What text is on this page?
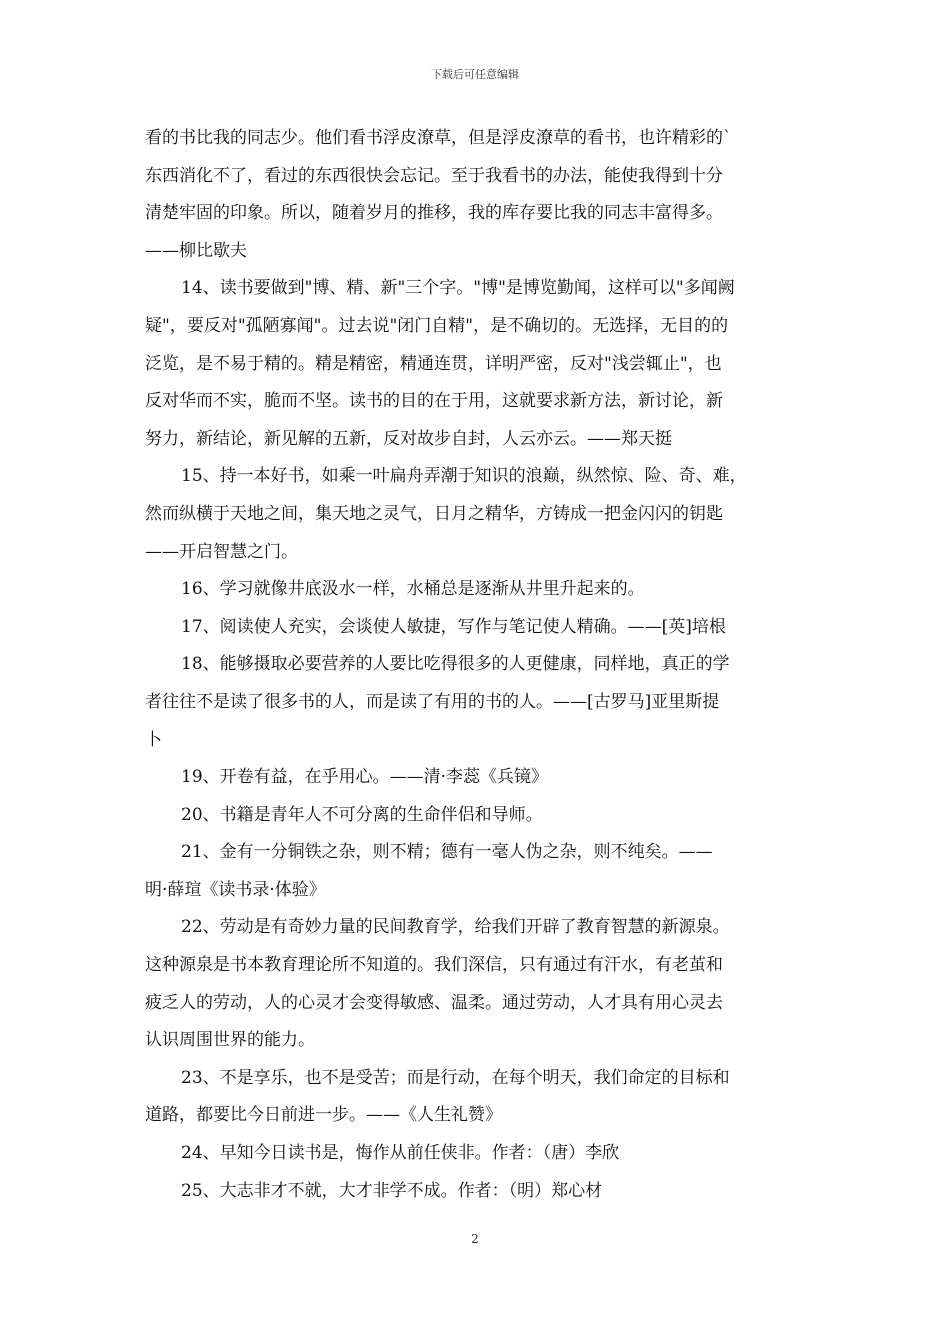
下载后可任意编辑
看的书比我的同志少。他们看书浮皮潦草，但是浮皮潦草的看书，也许精彩的`
东西消化不了，看过的东西很快会忘记。至于我看书的办法，能使我得到十分
清楚牢固的印象。所以，随着岁月的推移，我的库存要比我的同志丰富得多。
——柳比歇夫
14、读书要做到"博、精、新"三个字。"博"是博览勤闻，这样可以"多闻阙
疑"，要反对"孤陋寡闻"。过去说"闭门自精"，是不确切的。无选择，无目的的
泛览，是不易于精的。精是精密，精通连贯，详明严密，反对"浅尝辄止"，也
反对华而不实，脆而不坚。读书的目的在于用，这就要求新方法，新讨论，新
努力，新结论，新见解的五新，反对故步自封，人云亦云。——郑天挺
15、持一本好书，如乘一叶扁舟弄潮于知识的浪巅，纵然惊、险、奇、难，
然而纵横于天地之间，集天地之灵气，日月之精华，方铸成一把金闪闪的钥匙
——开启智慧之门。
16、学习就像井底汲水一样，水桶总是逐渐从井里升起来的。
17、阅读使人充实，会谈使人敏捷，写作与笔记使人精确。——[英]培根
18、能够摄取必要营养的人要比吃得很多的人更健康，同样地，真正的学
者往往不是读了很多书的人，而是读了有用的书的人。——[古罗马]亚里斯提
卜
19、开卷有益，在乎用心。——清·李蕊《兵镜》
20、书籍是青年人不可分离的生命伴侣和导师。
21、金有一分铜铁之杂，则不精；德有一毫人伪之杂，则不纯矣。——
明·薛瑄《读书录·体验》
22、劳动是有奇妙力量的民间教育学，给我们开辟了教育智慧的新源泉。
这种源泉是书本教育理论所不知道的。我们深信，只有通过有汗水，有老茧和
疲乏人的劳动，人的心灵才会变得敏感、温柔。通过劳动，人才具有用心灵去
认识周围世界的能力。
23、不是享乐，也不是受苦；而是行动，在每个明天，我们命定的目标和
道路，都要比今日前进一步。——《人生礼赞》
24、早知今日读书是，悔作从前任侠非。作者：（唐）李欣
25、大志非才不就，大才非学不成。作者：（明）郑心材
2
